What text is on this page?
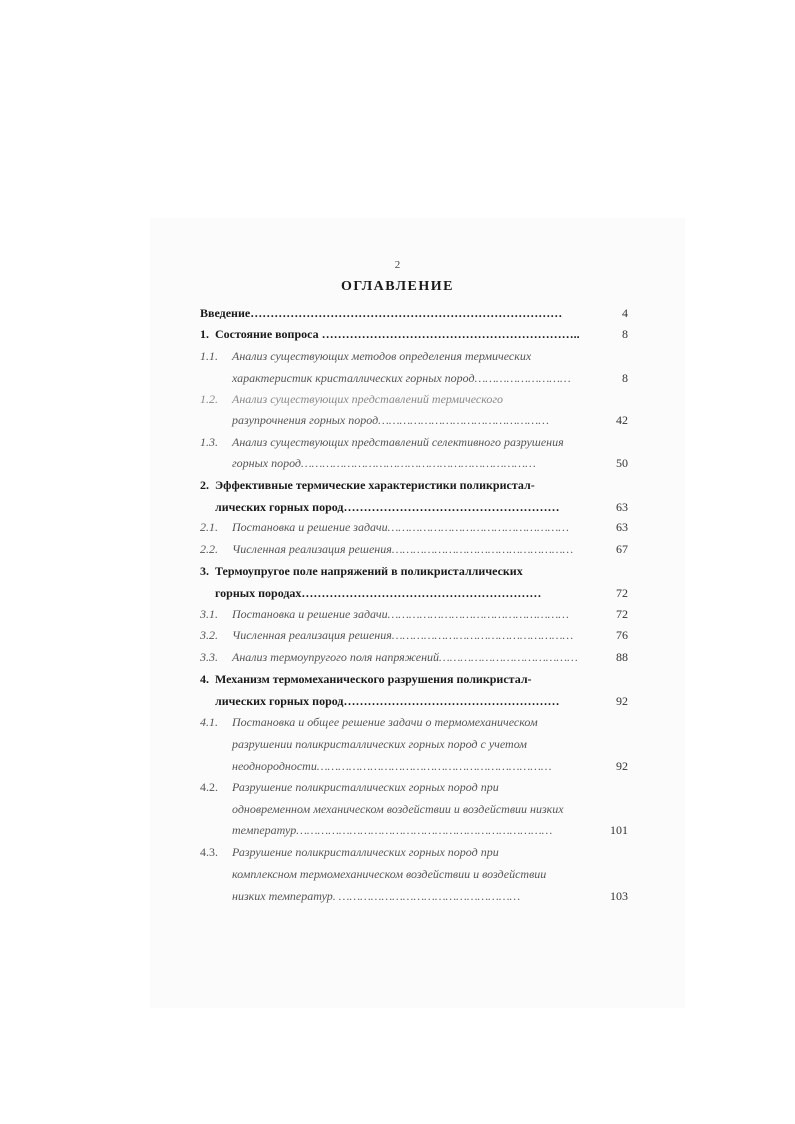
2
ОГЛАВЛЕНИЕ
Введение……………………………………………………………………	4
1. Состояние вопроса ………………………………………………………..	8
1.1. Анализ существующих методов определения термических
характеристик кристаллических горных пород………………………	8
1.2. Анализ существующих представлений термического
разупрочнения горных пород…………………………………………	42
1.3. Анализ существующих представлений селективного разрушения
горных пород…………………………………………………………	50
2. Эффективные термические характеристики поликристал-
лических горных пород………………………………………………	63
2.1. Постановка и решение задачи……………………………………………	63
2.2. Численная реализация решения……………………………………………	67
3. Термоупругое поле напряжений в поликристаллических
горных породах……………………………………………………	72
3.1. Постановка и решение задачи……………………………………………	72
3.2. Численная реализация решения……………………………………………	76
3.3. Анализ термоупругого поля напряжений…………………………………	88
4. Механизм термомеханического разрушения поликристал-
лических горных пород………………………………………………	92
4.1. Постановка и общее решение задачи о термомеханическом
разрушении поликристаллических горных пород с учетом
неоднородности…………………………………………………………	92
4.2. Разрушение поликристаллических горных пород при
одновременном механическом воздействии и воздействии низких
температур………………………………………………………………	101
4.3. Разрушение поликристаллических горных пород при
комплексном термомеханическом воздействии и воздействии
низких температур. ……………………………………………	103
